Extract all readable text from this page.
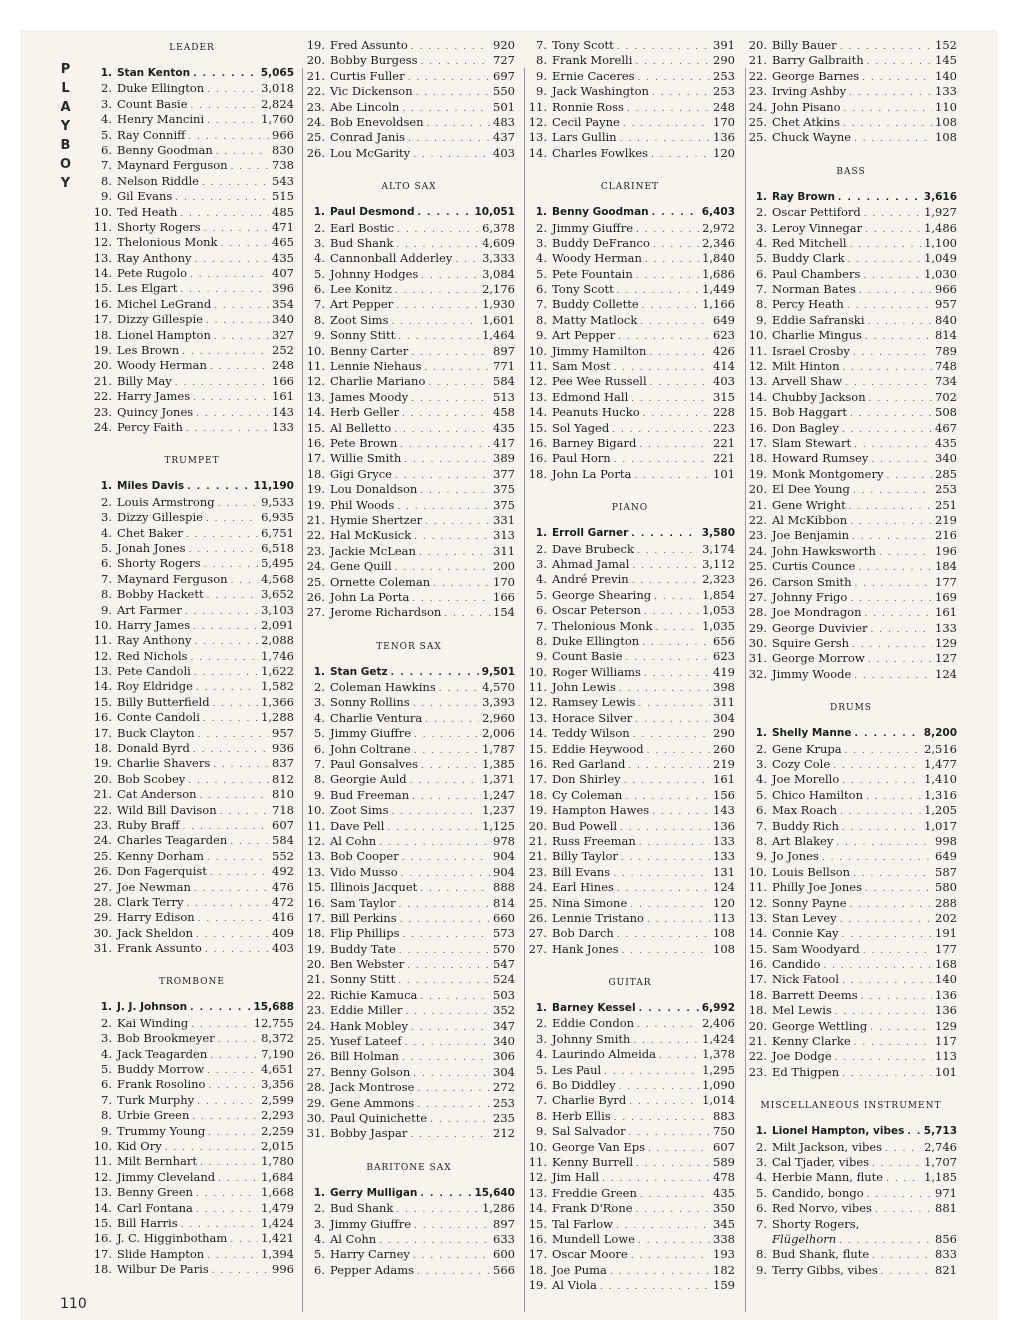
PLAYBOY
110
LEADER
1. Stan Kenton . . .	5,065
2. Duke Ellington . . .	3,018
3. Count Basie . . .	2,824
4. Henry Mancini . . .	1,760
5. Ray Conniff . . .	966
6. Benny Goodman . . .	830
7. Maynard Ferguson . . .	738
8. Nelson Riddle . . .	543
9. Gil Evans . . .	515
10. Ted Heath . . .	485
11. Shorty Rogers . . .	471
12. Thelonious Monk . . .	465
13. Ray Anthony . . .	435
14. Pete Rugolo . . .	407
15. Les Elgart . . .	396
16. Michel LeGrand . . .	354
17. Dizzy Gillespie . . .	340
18. Lionel Hampton . . .	327
19. Les Brown . . .	252
20. Woody Herman . . .	248
21. Billy May . . .	166
22. Harry James . . .	161
23. Quincy Jones . . .	143
24. Percy Faith . . .	133
TRUMPET
1. Miles Davis . . .	11,190
2. Louis Armstrong . . .	9,533
3. Dizzy Gillespie . . .	6,935
4. Chet Baker . . .	6,751
5. Jonah Jones . . .	6,518
6. Shorty Rogers . . .	5,495
7. Maynard Ferguson . . .	4,568
8. Bobby Hackett . . .	3,652
9. Art Farmer . . .	3,103
10. Harry James . . .	2,091
11. Ray Anthony . . .	2,088
12. Red Nichols . . .	1,746
13. Pete Candoli . . .	1,622
14. Roy Eldridge . . .	1,582
15. Billy Butterfield . . .	1,366
16. Conte Candoli . . .	1,288
17. Buck Clayton . . .	957
18. Donald Byrd . . .	936
19. Charlie Shavers . . .	837
20. Bob Scobey . . .	812
21. Cat Anderson . . .	810
22. Wild Bill Davison . . .	718
23. Ruby Braff . . .	607
24. Charles Teagarden . . .	584
25. Kenny Dorham . . .	552
26. Don Fagerquist . . .	492
27. Joe Newman . . .	476
28. Clark Terry . . .	472
29. Harry Edison . . .	416
30. Jack Sheldon . . .	409
31. Frank Assunto . . .	403
TROMBONE
1. J. J. Johnson . . .	15,688
2. Kai Winding . . .	12,755
3. Bob Brookmeyer . . .	8,372
4. Jack Teagarden . . .	7,190
5. Buddy Morrow . . .	4,651
6. Frank Rosolino . . .	3,356
7. Turk Murphy . . .	2,599
8. Urbie Green . . .	2,293
9. Trummy Young . . .	2,259
10. Kid Ory . . .	2,015
11. Milt Bernhart . . .	1,780
12. Jimmy Cleveland . . .	1,684
13. Benny Green . . .	1,668
14. Carl Fontana . . .	1,479
15. Bill Harris . . .	1,424
16. J. C. Higginbotham . . .	1,421
17. Slide Hampton . . .	1,394
18. Wilbur De Paris . . .	996
19. Fred Assunto . . .	920
20. Bobby Burgess . . .	727
21. Curtis Fuller . . .	697
22. Vic Dickenson . . .	550
23. Abe Lincoln . . .	501
24. Bob Enevoldsen . . .	483
25. Conrad Janis . . .	437
26. Lou McGarity . . .	403
ALTO SAX
1. Paul Desmond . . .	10,051
2. Earl Bostic . . .	6,378
3. Bud Shank . . .	4,609
4. Cannonball Adderley . . .	3,333
5. Johnny Hodges . . .	3,084
6. Lee Konitz . . .	2,176
7. Art Pepper . . .	1,930
8. Zoot Sims . . .	1,601
9. Sonny Stitt . . .	1,464
10. Benny Carter . . .	897
11. Lennie Niehaus . . .	771
12. Charlie Mariano . . .	584
13. James Moody . . .	513
14. Herb Geller . . .	458
15. Al Belletto . . .	435
16. Pete Brown . . .	417
17. Willie Smith . . .	389
18. Gigi Gryce . . .	377
19. Lou Donaldson . . .	375
19. Phil Woods . . .	375
21. Hymie Shertzer . . .	331
22. Hal McKusick . . .	313
23. Jackie McLean . . .	311
24. Gene Quill . . .	200
25. Ornette Coleman . . .	170
26. John La Porta . . .	166
27. Jerome Richardson . . .	154
TENOR SAX
1. Stan Getz . . .	9,501
2. Coleman Hawkins . . .	4,570
3. Sonny Rollins . . .	3,393
4. Charlie Ventura . . .	2,960
5. Jimmy Giuffre . . .	2,006
6. John Coltrane . . .	1,787
7. Paul Gonsalves . . .	1,385
8. Georgie Auld . . .	1,371
9. Bud Freeman . . .	1,247
10. Zoot Sims . . .	1,237
11. Dave Pell . . .	1,125
12. Al Cohn . . .	978
13. Bob Cooper . . .	904
13. Vido Musso . . .	904
15. Illinois Jacquet . . .	888
16. Sam Taylor . . .	814
17. Bill Perkins . . .	660
18. Flip Phillips . . .	573
19. Buddy Tate . . .	570
20. Ben Webster . . .	547
21. Sonny Stitt . . .	524
22. Richie Kamuca . . .	503
23. Eddie Miller . . .	352
24. Hank Mobley . . .	347
25. Yusef Lateef . . .	340
26. Bill Holman . . .	306
27. Benny Golson . . .	304
28. Jack Montrose . . .	272
29. Gene Ammons . . .	253
30. Paul Quinichette . . .	235
31. Bobby Jaspar . . .	212
BARITONE SAX
1. Gerry Mulligan . . .	15,640
2. Bud Shank . . .	1,286
3. Jimmy Giuffre . . .	897
4. Al Cohn . . .	633
5. Harry Carney . . .	600
6. Pepper Adams . . .	566
7. Tony Scott . . .	391
8. Frank Morelli . . .	290
9. Ernie Caceres . . .	253
9. Jack Washington . . .	253
11. Ronnie Ross . . .	248
12. Cecil Payne . . .	170
13. Lars Gullin . . .	136
14. Charles Fowlkes . . .	120
CLARINET
1. Benny Goodman . . .	6,403
2. Jimmy Giuffre . . .	2,972
3. Buddy DeFranco . . .	2,346
4. Woody Herman . . .	1,840
5. Pete Fountain . . .	1,686
6. Tony Scott . . .	1,449
7. Buddy Collette . . .	1,166
8. Matty Matlock . . .	649
9. Art Pepper . . .	623
10. Jimmy Hamilton . . .	426
11. Sam Most . . .	414
12. Pee Wee Russell . . .	403
13. Edmond Hall . . .	315
14. Peanuts Hucko . . .	228
15. Sol Yaged . . .	223
16. Barney Bigard . . .	221
16. Paul Horn . . .	221
18. John La Porta . . .	101
PIANO
1. Erroll Garner . . .	3,580
2. Dave Brubeck . . .	3,174
3. Ahmad Jamal . . .	3,112
4. André Previn . . .	2,323
5. George Shearing . . .	1,854
6. Oscar Peterson . . .	1,053
7. Thelonious Monk . . .	1,035
8. Duke Ellington . . .	656
9. Count Basie . . .	623
10. Roger Williams . . .	419
11. John Lewis . . .	398
12. Ramsey Lewis . . .	311
13. Horace Silver . . .	304
14. Teddy Wilson . . .	290
15. Eddie Heywood . . .	260
16. Red Garland . . .	219
17. Don Shirley . . .	161
18. Cy Coleman . . .	156
19. Hampton Hawes . . .	143
20. Bud Powell . . .	136
21. Russ Freeman . . .	133
21. Billy Taylor . . .	133
23. Bill Evans . . .	131
24. Earl Hines . . .	124
25. Nina Simone . . .	120
26. Lennie Tristano . . .	113
27. Bob Darch . . .	108
27. Hank Jones . . .	108
GUITAR
1. Barney Kessel . . .	6,992
2. Eddie Condon . . .	2,406
3. Johnny Smith . . .	1,424
4. Laurindo Almeida . . .	1,378
5. Les Paul . . .	1,295
6. Bo Diddley . . .	1,090
7. Charlie Byrd . . .	1,014
8. Herb Ellis . . .	883
9. Sal Salvador . . .	750
10. George Van Eps . . .	607
11. Kenny Burrell . . .	589
12. Jim Hall . . .	478
13. Freddie Green . . .	435
14. Frank D'Rone . . .	350
15. Tal Farlow . . .	345
16. Mundell Lowe . . .	338
17. Oscar Moore . . .	193
18. Joe Puma . . .	182
19. Al Viola . . .	159
20. Billy Bauer . . .	152
21. Barry Galbraith . . .	145
22. George Barnes . . .	140
23. Irving Ashby . . .	133
24. John Pisano . . .	110
25. Chet Atkins . . .	108
25. Chuck Wayne . . .	108
BASS
1. Ray Brown . . .	3,616
2. Oscar Pettiford . . .	1,927
3. Leroy Vinnegar . . .	1,486
4. Red Mitchell . . .	1,100
5. Buddy Clark . . .	1,049
6. Paul Chambers . . .	1,030
7. Norman Bates . . .	966
8. Percy Heath . . .	957
9. Eddie Safranski . . .	840
10. Charlie Mingus . . .	814
11. Israel Crosby . . .	789
12. Milt Hinton . . .	748
13. Arvell Shaw . . .	734
14. Chubby Jackson . . .	702
15. Bob Haggart . . .	508
16. Don Bagley . . .	467
17. Slam Stewart . . .	435
18. Howard Rumsey . . .	340
19. Monk Montgomery . . .	285
20. El Dee Young . . .	253
21. Gene Wright . . .	251
22. Al McKibbon . . .	219
23. Joe Benjamin . . .	216
24. John Hawksworth . . .	196
25. Curtis Counce . . .	184
26. Carson Smith . . .	177
27. Johnny Frigo . . .	169
28. Joe Mondragon . . .	161
29. George Duvivier . . .	133
30. Squire Gersh . . .	129
31. George Morrow . . .	127
32. Jimmy Woode . . .	124
DRUMS
1. Shelly Manne . . .	8,200
2. Gene Krupa . . .	2,516
3. Cozy Cole . . .	1,477
4. Joe Morello . . .	1,410
5. Chico Hamilton . . .	1,316
6. Max Roach . . .	1,205
7. Buddy Rich . . .	1,017
8. Art Blakey . . .	998
9. Jo Jones . . .	649
10. Louis Bellson . . .	587
11. Philly Joe Jones . . .	580
12. Sonny Payne . . .	288
13. Stan Levey . . .	202
14. Connie Kay . . .	191
15. Sam Woodyard . . .	177
16. Candido . . .	168
17. Nick Fatool . . .	140
18. Barrett Deems . . .	136
18. Mel Lewis . . .	136
20. George Wettling . . .	129
21. Kenny Clarke . . .	117
22. Joe Dodge . . .	113
23. Ed Thigpen . . .	101
MISCELLANEOUS INSTRUMENT
1. Lionel Hampton, vibes . . . 5,713
2. Milt Jackson, vibes . . .	2,746
3. Cal Tjader, vibes . . .	1,707
4. Herbie Mann, flute . . .	1,185
5. Candido, bongo . . .	971
6. Red Norvo, vibes . . .	881
7. Shorty Rogers,
Flügelhorn . . .	856
8. Bud Shank, flute . . .	833
9. Terry Gibbs, vibes . . .	821
